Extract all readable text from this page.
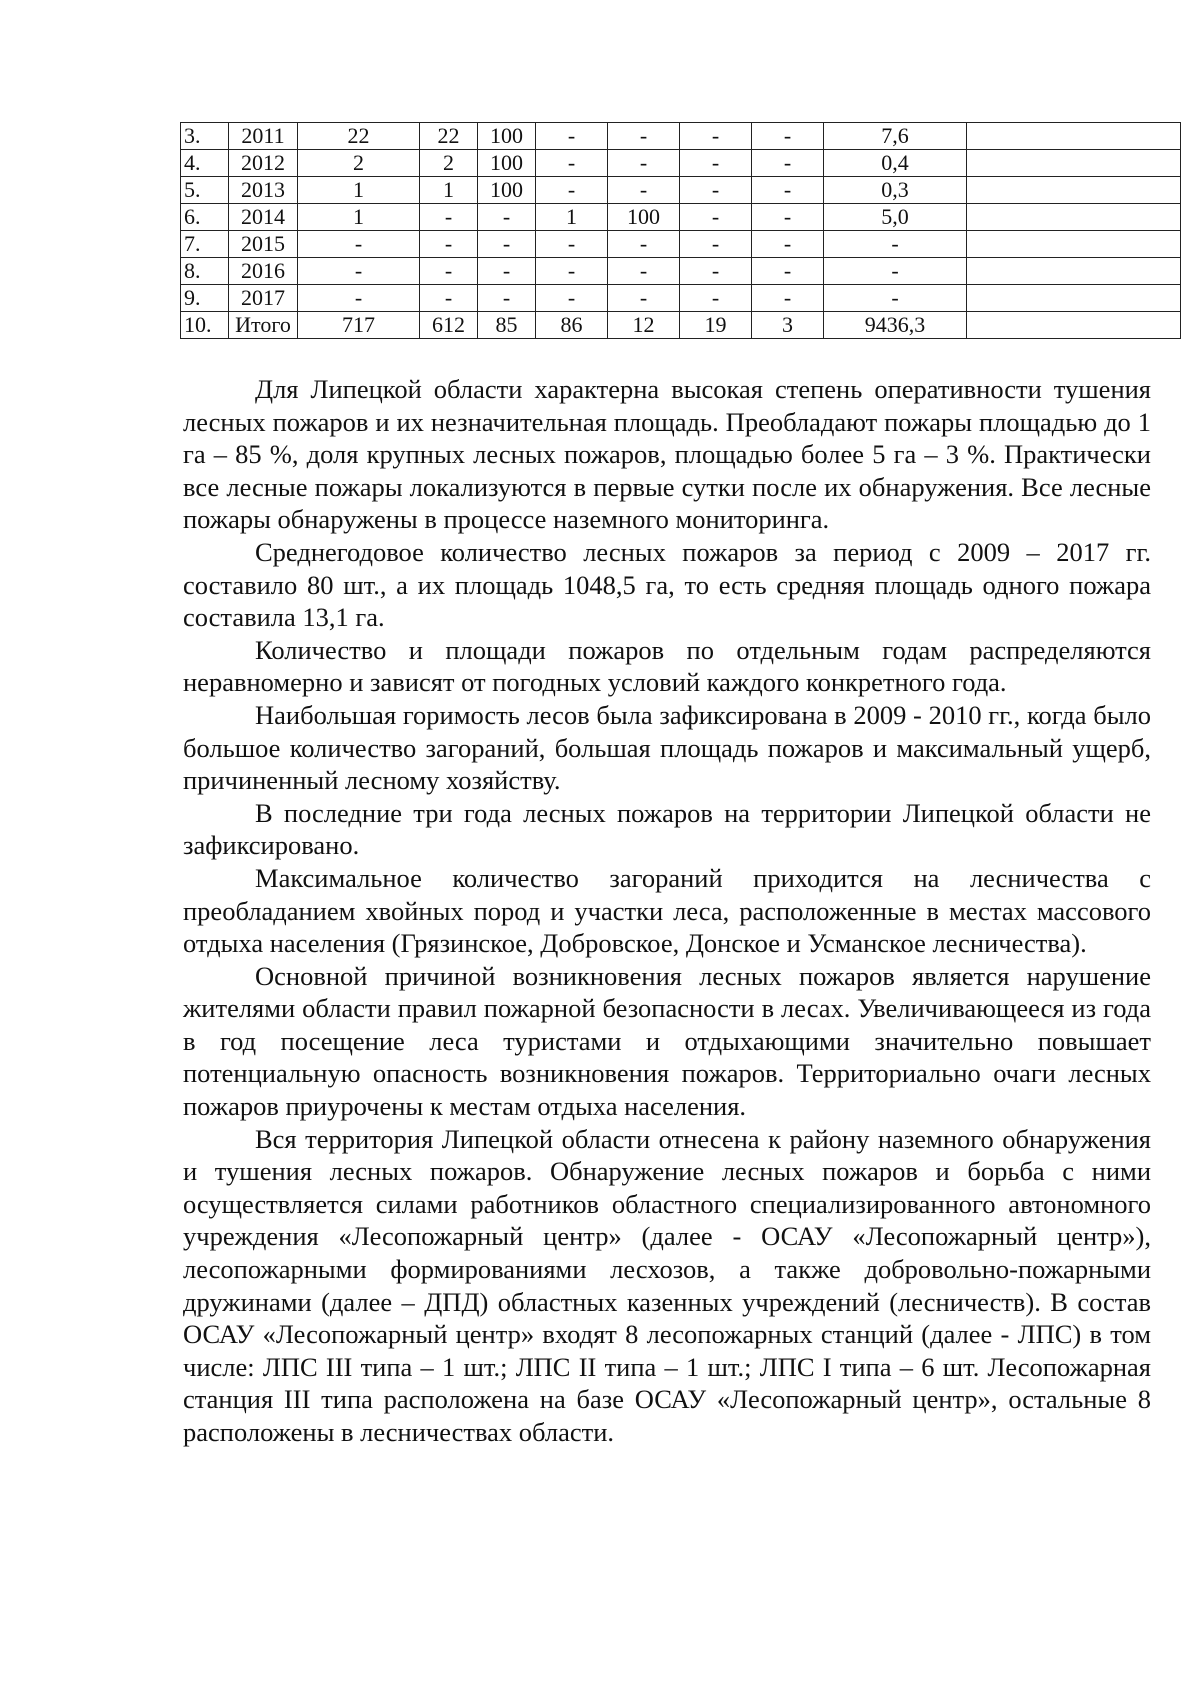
3.	2011	22	22	100	-	-	-	-	7,6	
4.	2012	2	2	100	-	-	-	-	0,4	
5.	2013	1	1	100	-	-	-	-	0,3	
6.	2014	1	-	-	1	100	-	-	5,0	
7.	2015	-	-	-	-	-	-	-	-	
8.	2016	-	-	-	-	-	-	-	-	
9.	2017	-	-	-	-	-	-	-	-	
10.	Итого	717	612	85	86	12	19	3	9436,3	

Для Липецкой области характерна высокая степень оперативности тушения лесных пожаров и их незначительная площадь. Преобладают пожары площадью до 1 га – 85 %, доля крупных лесных пожаров, площадью более 5 га – 3 %. Практически все лесные пожары локализуются в первые сутки после их обнаружения. Все лесные пожары обнаружены в процессе наземного мониторинга.

Среднегодовое количество лесных пожаров за период с 2009 – 2017 гг. составило 80 шт., а их площадь 1048,5 га, то есть средняя площадь одного пожара составила 13,1 га.

Количество и площади пожаров по отдельным годам распределяются неравномерно и зависят от погодных условий каждого конкретного года.

Наибольшая горимость лесов была зафиксирована в 2009 - 2010 гг., когда было большое количество загораний, большая площадь пожаров и максимальный ущерб, причиненный лесному хозяйству.

В последние три года лесных пожаров на территории Липецкой области не зафиксировано.

Максимальное количество загораний приходится на лесничества с преобладанием хвойных пород и участки леса, расположенные в местах массового отдыха населения (Грязинское, Добровское, Донское и Усманское лесничества).

Основной причиной возникновения лесных пожаров является нарушение жителями области правил пожарной безопасности в лесах. Увеличивающееся из года в год посещение леса туристами и отдыхающими значительно повышает потенциальную опасность возникновения пожаров. Территориально очаги лесных пожаров приурочены к местам отдыха населения.

Вся территория Липецкой области отнесена к району наземного обнаружения и тушения лесных пожаров. Обнаружение лесных пожаров и борьба с ними осуществляется силами работников областного специализированного автономного учреждения «Лесопожарный центр» (далее - ОСАУ «Лесопожарный центр»), лесопожарными формированиями лесхозов, а также добровольно-пожарными дружинами (далее – ДПД) областных казенных учреждений (лесничеств). В состав ОСАУ «Лесопожарный центр» входят 8 лесопожарных станций (далее - ЛПС) в том числе: ЛПС III типа – 1 шт.; ЛПС II типа – 1 шт.; ЛПС I типа – 6 шт. Лесопожарная станция III типа расположена на базе ОСАУ «Лесопожарный центр», остальные 8 расположены в лесничествах области.
